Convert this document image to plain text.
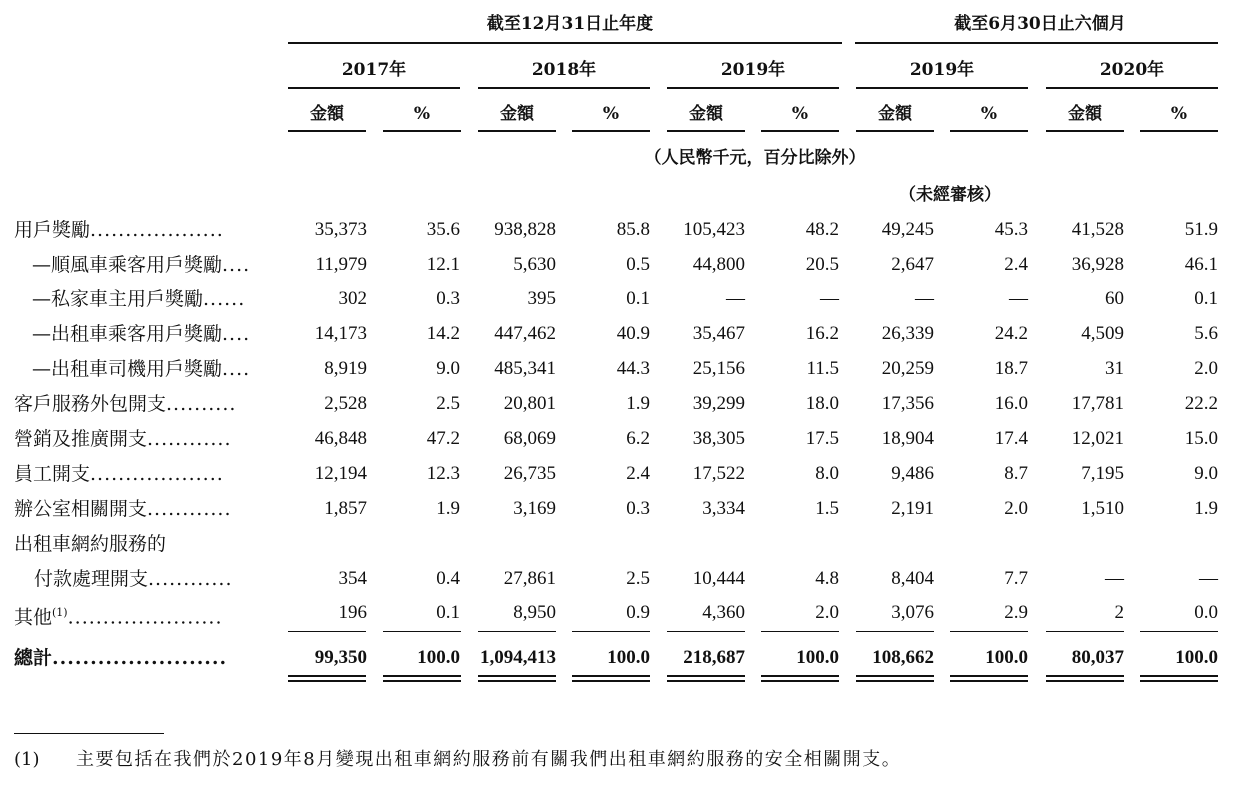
截至12月31日止年度	截至6月30日止六個月
2017年	2018年	2019年	2019年	2020年
金額	%	金額	%	金額	%	金額	%	金額	%
（人民幣千元，百分比除外）
（未經審核）
用戶獎勵...................	35,373	35.6	938,828	85.8	105,423	48.2	49,245	45.3	41,528	51.9
—順風車乘客用戶獎勵....	11,979	12.1	5,630	0.5	44,800	20.5	2,647	2.4	36,928	46.1
—私家車主用戶獎勵......	302	0.3	395	0.1	—	—	—	—	60	0.1
—出租車乘客用戶獎勵....	14,173	14.2	447,462	40.9	35,467	16.2	26,339	24.2	4,509	5.6
—出租車司機用戶獎勵....	8,919	9.0	485,341	44.3	25,156	11.5	20,259	18.7	31	2.0
客戶服務外包開支..........	2,528	2.5	20,801	1.9	39,299	18.0	17,356	16.0	17,781	22.2
營銷及推廣開支............	46,848	47.2	68,069	6.2	38,305	17.5	18,904	17.4	12,021	15.0
員工開支...................	12,194	12.3	26,735	2.4	17,522	8.0	9,486	8.7	7,195	9.0
辦公室相關開支............	1,857	1.9	3,169	0.3	3,334	1.5	2,191	2.0	1,510	1.9
出租車網約服務的
付款處理開支............	354	0.4	27,861	2.5	10,444	4.8	8,404	7.7	—	—
其他$^{(1)}$......................	196	0.1	8,950	0.9	4,360	2.0	3,076	2.9	2	0.0
總計.......................	99,350	100.0	1,094,413	100.0	218,687	100.0	108,662	100.0	80,037	100.0
(1) 主要包括在我們於2019年8月變現出租車網約服務前有關我們出租車網約服務的安全相關開支。
